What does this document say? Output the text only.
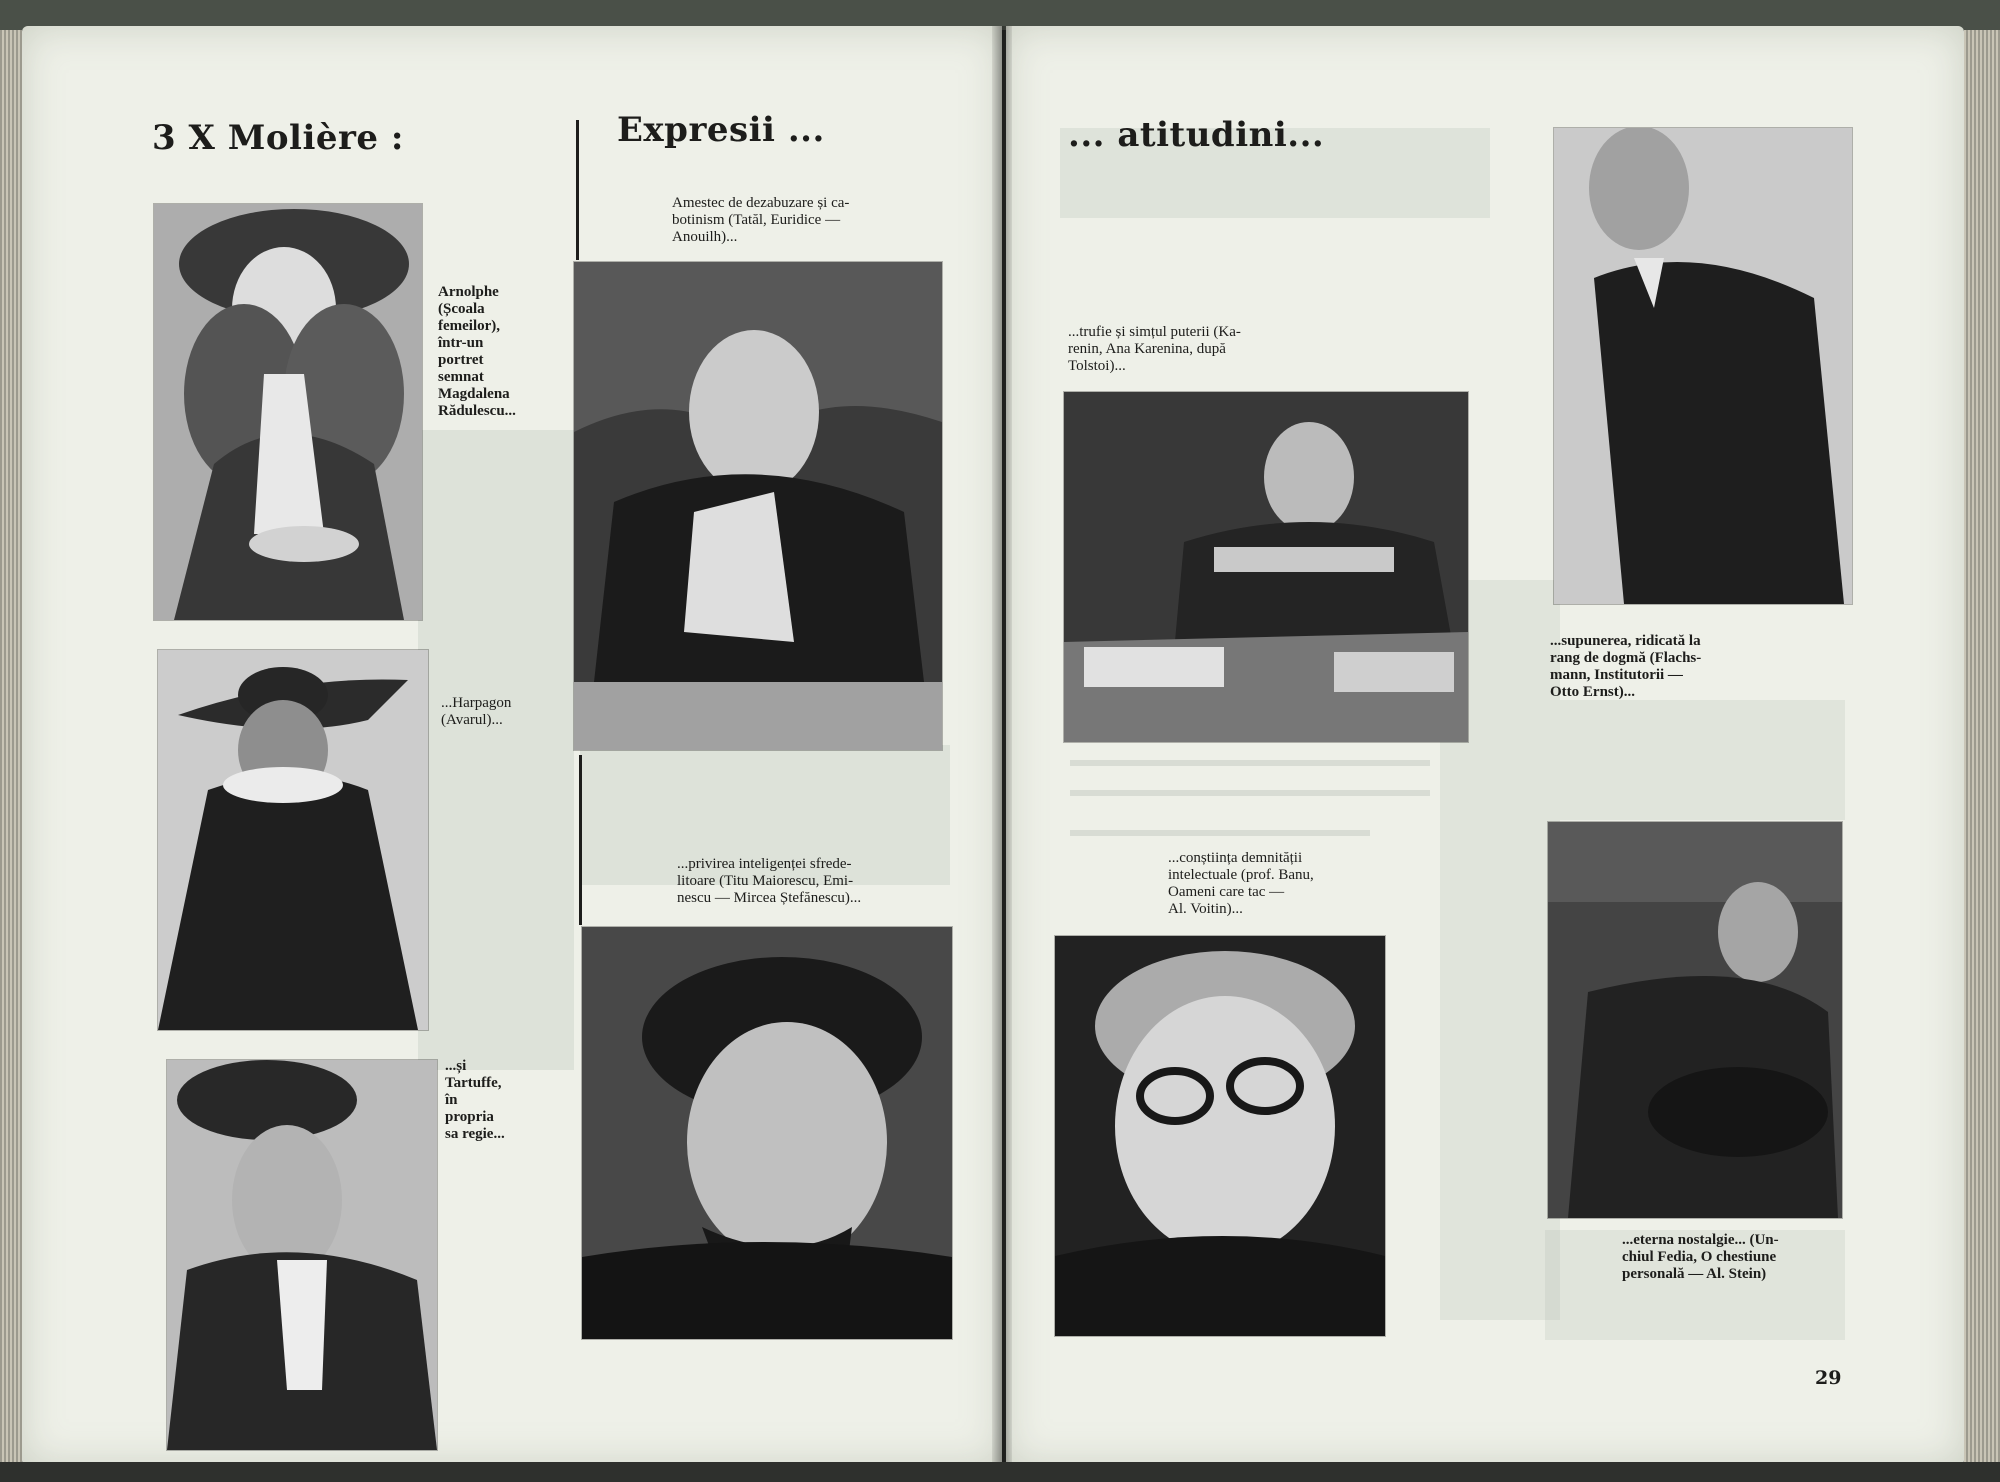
3 X Molière :	Expresii ...
Arnolphe
(Școala
femeilor),
într-un
portret
semnat
Magdalena
Rădulescu...
...Harpagon
(Avarul)...
...și
Tartuffe,
în
propria
sa regie...
Amestec de dezabuzare și ca-
botinism (Tatăl, Euridice —
Anouilh)...
...privirea inteligenței sfrede-
litoare (Titu Maiorescu, Emi-
nescu — Mircea Ștefănescu)...
... atitudini...
...trufie și simțul puterii (Ka-
renin, Ana Karenina, după
Tolstoi)...
...conștiința demnității
intelectuale (prof. Banu,
Oameni care tac —
Al. Voitin)...
...supunerea, ridicată la
rang de dogmă (Flachs-
mann, Institutorii —
Otto Ernst)...
...eterna nostalgie... (Un-
chiul Fedia, O chestiune
personală — Al. Stein)
29
